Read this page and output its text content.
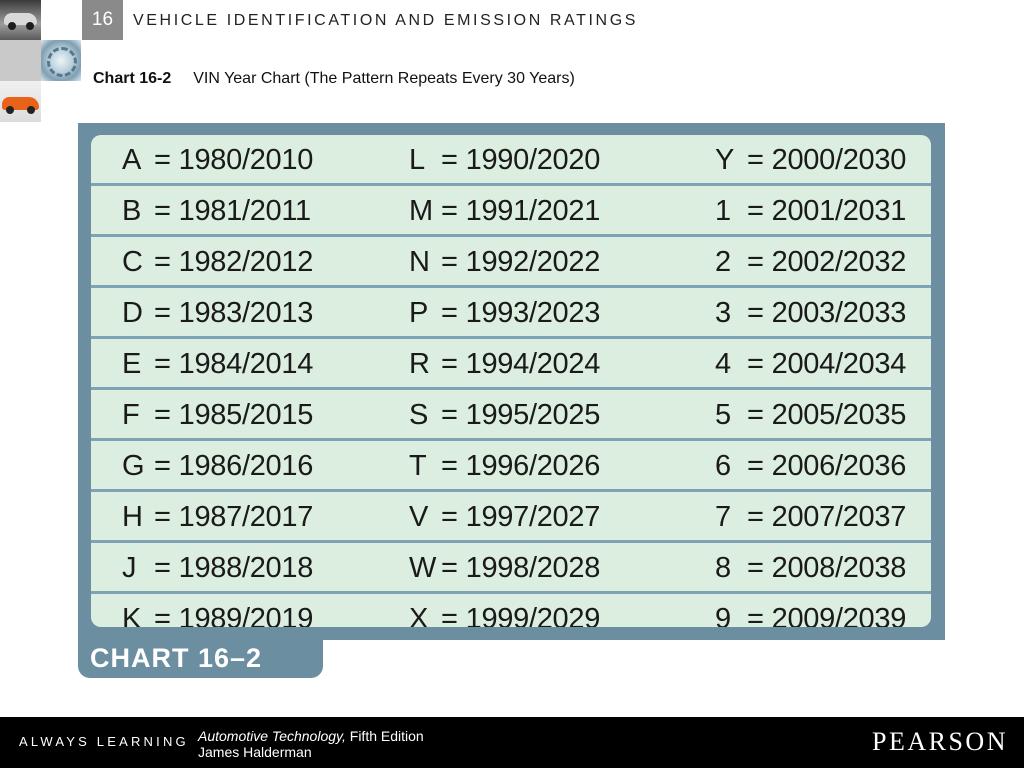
16	VEHICLE IDENTIFICATION AND EMISSION RATINGS
Chart 16-2 VIN Year Chart (The Pattern Repeats Every 30 Years)
A = 1980/2010	L = 1990/2020	Y = 2000/2030
B = 1981/2011	M = 1991/2021	1 = 2001/2031
C = 1982/2012	N = 1992/2022	2 = 2002/2032
D = 1983/2013	P = 1993/2023	3 = 2003/2033
E = 1984/2014	R = 1994/2024	4 = 2004/2034
F = 1985/2015	S = 1995/2025	5 = 2005/2035
G = 1986/2016	T = 1996/2026	6 = 2006/2036
H = 1987/2017	V = 1997/2027	7 = 2007/2037
J = 1988/2018	W = 1998/2028	8 = 2008/2038
K = 1989/2019	X = 1999/2029	9 = 2009/2039
CHART 16–2
ALWAYS LEARNING Automotive Technology, Fifth Edition
James Halderman	PEARSON
